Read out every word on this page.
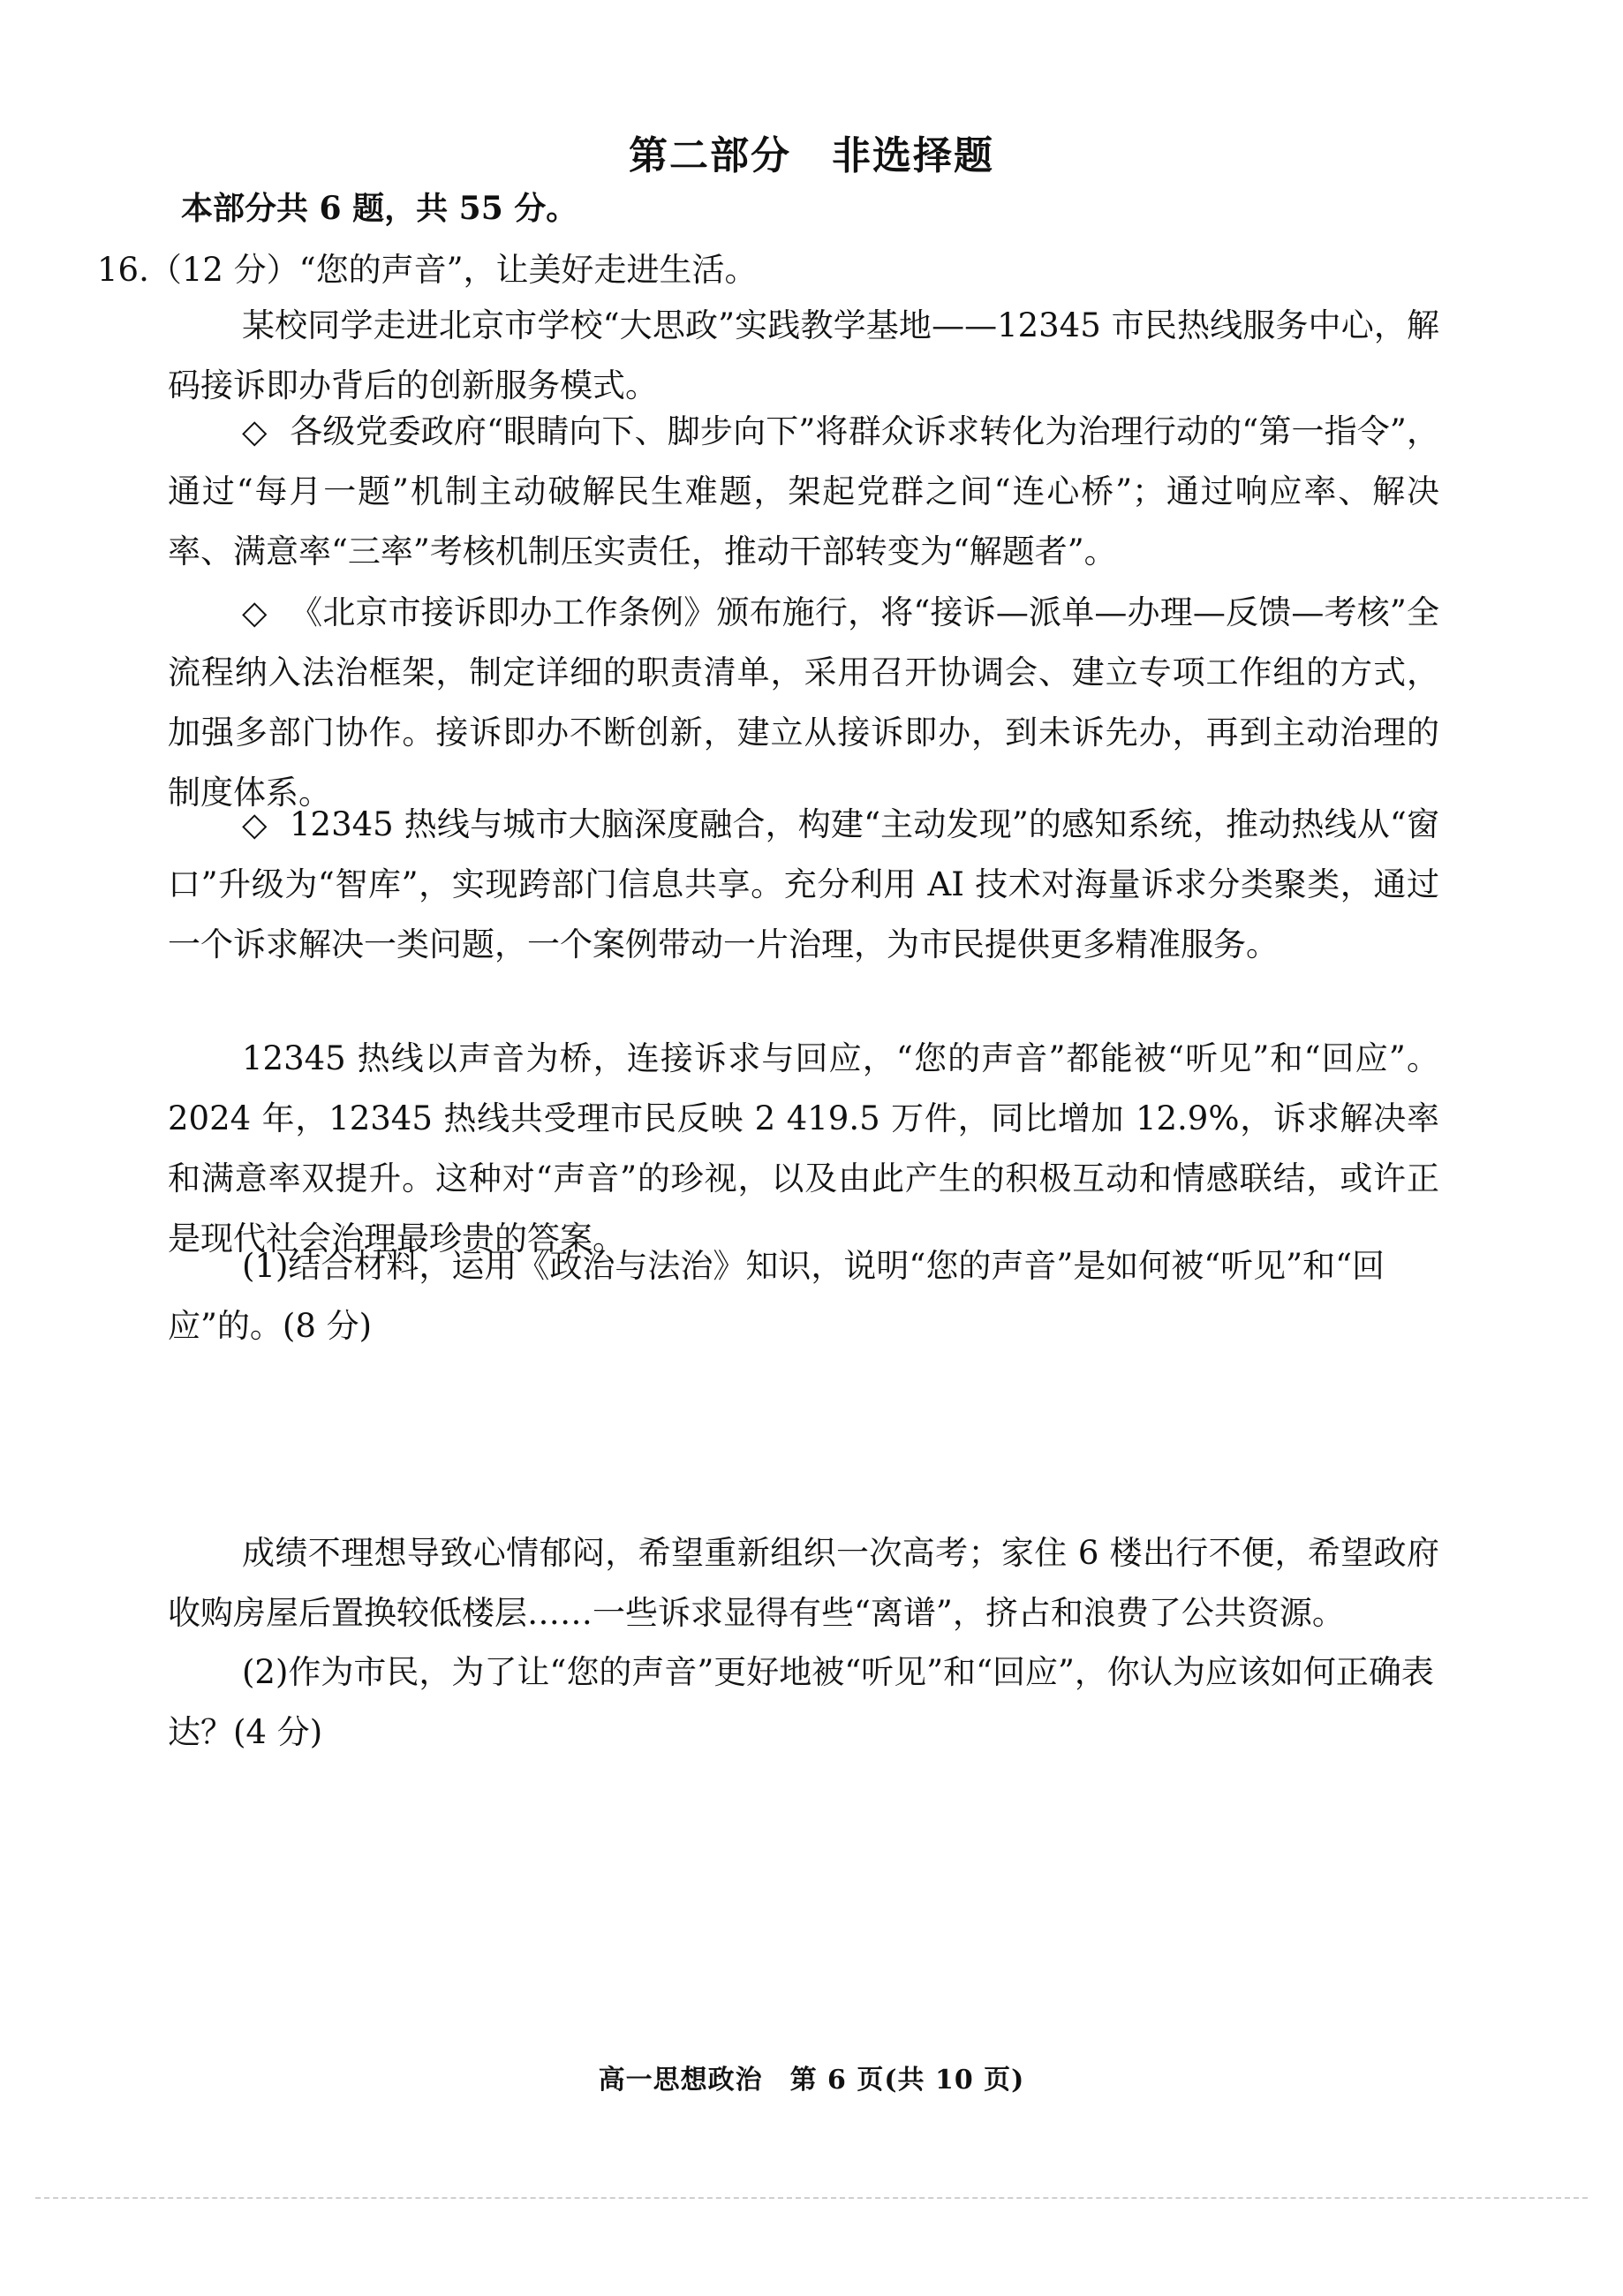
第二部分　非选择题
本部分共 6 题，共 55 分。
16.（12 分）“您的声音”，让美好走进生活。

某校同学走进北京市学校“大思政”实践教学基地——12345 市民热线服务中心，解码接诉即办背后的创新服务模式。

◇ 各级党委政府“眼睛向下、脚步向下”将群众诉求转化为治理行动的“第一指令”，通过“每月一题”机制主动破解民生难题，架起党群之间“连心桥”；通过响应率、解决率、满意率“三率”考核机制压实责任，推动干部转变为“解题者”。

◇ 《北京市接诉即办工作条例》颁布施行，将“接诉—派单—办理—反馈—考核”全流程纳入法治框架，制定详细的职责清单，采用召开协调会、建立专项工作组的方式，加强多部门协作。接诉即办不断创新，建立从接诉即办，到未诉先办，再到主动治理的制度体系。

◇ 12345 热线与城市大脑深度融合，构建“主动发现”的感知系统，推动热线从“窗口”升级为“智库”，实现跨部门信息共享。充分利用 AI 技术对海量诉求分类聚类，通过一个诉求解决一类问题，一个案例带动一片治理，为市民提供更多精准服务。

12345 热线以声音为桥，连接诉求与回应，“您的声音”都能被“听见”和“回应”。2024 年，12345 热线共受理市民反映 2 419.5 万件，同比增加 12.9%，诉求解决率和满意率双提升。这种对“声音”的珍视，以及由此产生的积极互动和情感联结，或许正是现代社会治理最珍贵的答案。

(1)结合材料，运用《政治与法治》知识，说明“您的声音”是如何被“听见”和“回应”的。(8 分)

成绩不理想导致心情郁闷，希望重新组织一次高考；家住 6 楼出行不便，希望政府收购房屋后置换较低楼层……一些诉求显得有些“离谱”，挤占和浪费了公共资源。

(2)作为市民，为了让“您的声音”更好地被“听见”和“回应”，你认为应该如何正确表达？(4 分)

高一思想政治　第 6 页(共 10 页)
